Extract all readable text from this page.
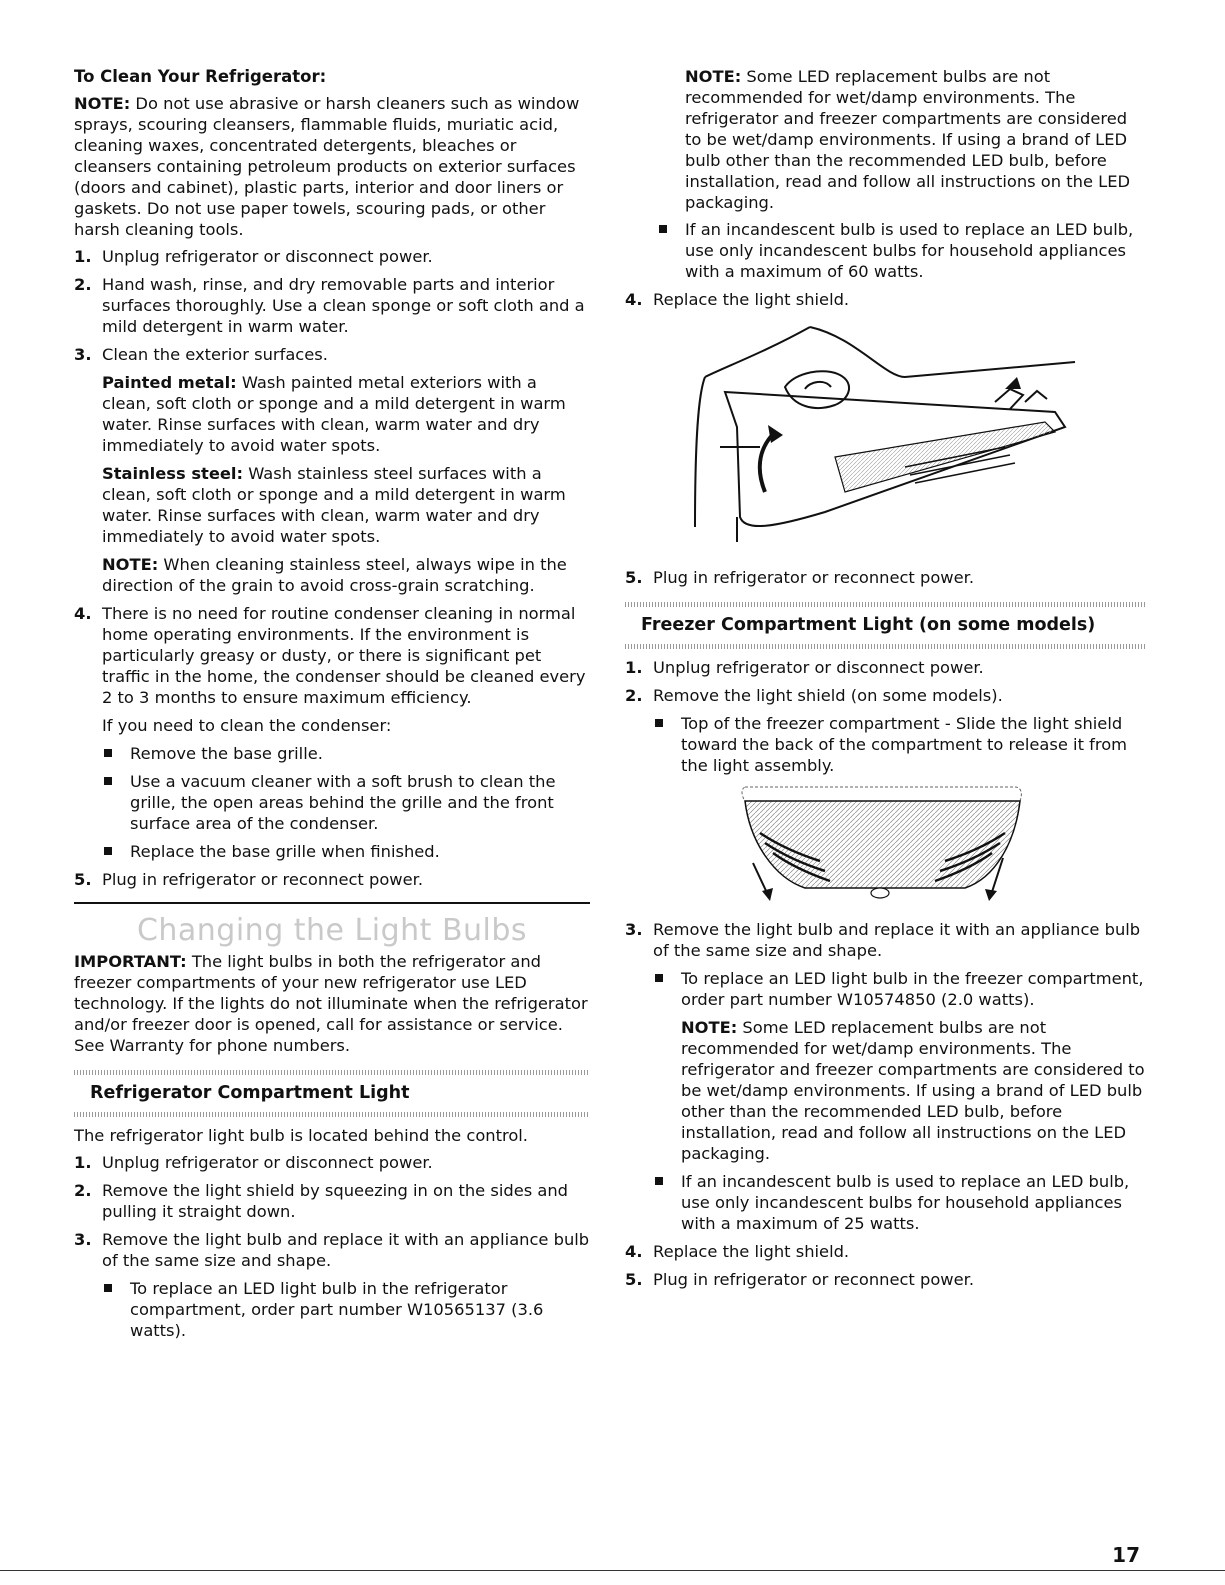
To Clean Your Refrigerator:

NOTE: Do not use abrasive or harsh cleaners such as window sprays, scouring cleansers, flammable fluids, muriatic acid, cleaning waxes, concentrated detergents, bleaches or cleansers containing petroleum products on exterior surfaces (doors and cabinet), plastic parts, interior and door liners or gaskets. Do not use paper towels, scouring pads, or other harsh cleaning tools.

1. Unplug refrigerator or disconnect power.
2. Hand wash, rinse, and dry removable parts and interior surfaces thoroughly. Use a clean sponge or soft cloth and a mild detergent in warm water.
3. Clean the exterior surfaces.

Painted metal: Wash painted metal exteriors with a clean, soft cloth or sponge and a mild detergent in warm water. Rinse surfaces with clean, warm water and dry immediately to avoid water spots.

Stainless steel: Wash stainless steel surfaces with a clean, soft cloth or sponge and a mild detergent in warm water. Rinse surfaces with clean, warm water and dry immediately to avoid water spots.

NOTE: When cleaning stainless steel, always wipe in the direction of the grain to avoid cross-grain scratching.

4. There is no need for routine condenser cleaning in normal home operating environments. If the environment is particularly greasy or dusty, or there is significant pet traffic in the home, the condenser should be cleaned every 2 to 3 months to ensure maximum efficiency.

If you need to clean the condenser:

Remove the base grille.
Use a vacuum cleaner with a soft brush to clean the grille, the open areas behind the grille and the front surface area of the condenser.
Replace the base grille when finished.
5. Plug in refrigerator or reconnect power.
Changing the Light Bulbs

IMPORTANT: The light bulbs in both the refrigerator and freezer compartments of your new refrigerator use LED technology. If the lights do not illuminate when the refrigerator and/or freezer door is opened, call for assistance or service. See Warranty for phone numbers.

Refrigerator Compartment Light

The refrigerator light bulb is located behind the control.

1. Unplug refrigerator or disconnect power.
2. Remove the light shield by squeezing in on the sides and pulling it straight down.
3. Remove the light bulb and replace it with an appliance bulb of the same size and shape.
To replace an LED light bulb in the refrigerator compartment, order part number W10565137 (3.6 watts).

NOTE: Some LED replacement bulbs are not recommended for wet/damp environments. The refrigerator and freezer compartments are considered to be wet/damp environments. If using a brand of LED bulb other than the recommended LED bulb, before installation, read and follow all instructions on the LED packaging.

If an incandescent bulb is used to replace an LED bulb, use only incandescent bulbs for household appliances with a maximum of 60 watts.
4. Replace the light shield.
5. Plug in refrigerator or reconnect power.
Freezer Compartment Light (on some models)
1. Unplug refrigerator or disconnect power.
2. Remove the light shield (on some models).
Top of the freezer compartment - Slide the light shield toward the back of the compartment to release it from the light assembly.
3. Remove the light bulb and replace it with an appliance bulb of the same size and shape.
To replace an LED light bulb in the freezer compartment, order part number W10574850 (2.0 watts).

NOTE: Some LED replacement bulbs are not recommended for wet/damp environments. The refrigerator and freezer compartments are considered to be wet/damp environments. If using a brand of LED bulb other than the recommended LED bulb, before installation, read and follow all instructions on the LED packaging.

If an incandescent bulb is used to replace an LED bulb, use only incandescent bulbs for household appliances with a maximum of 25 watts.
4. Replace the light shield.
5. Plug in refrigerator or reconnect power.
17
